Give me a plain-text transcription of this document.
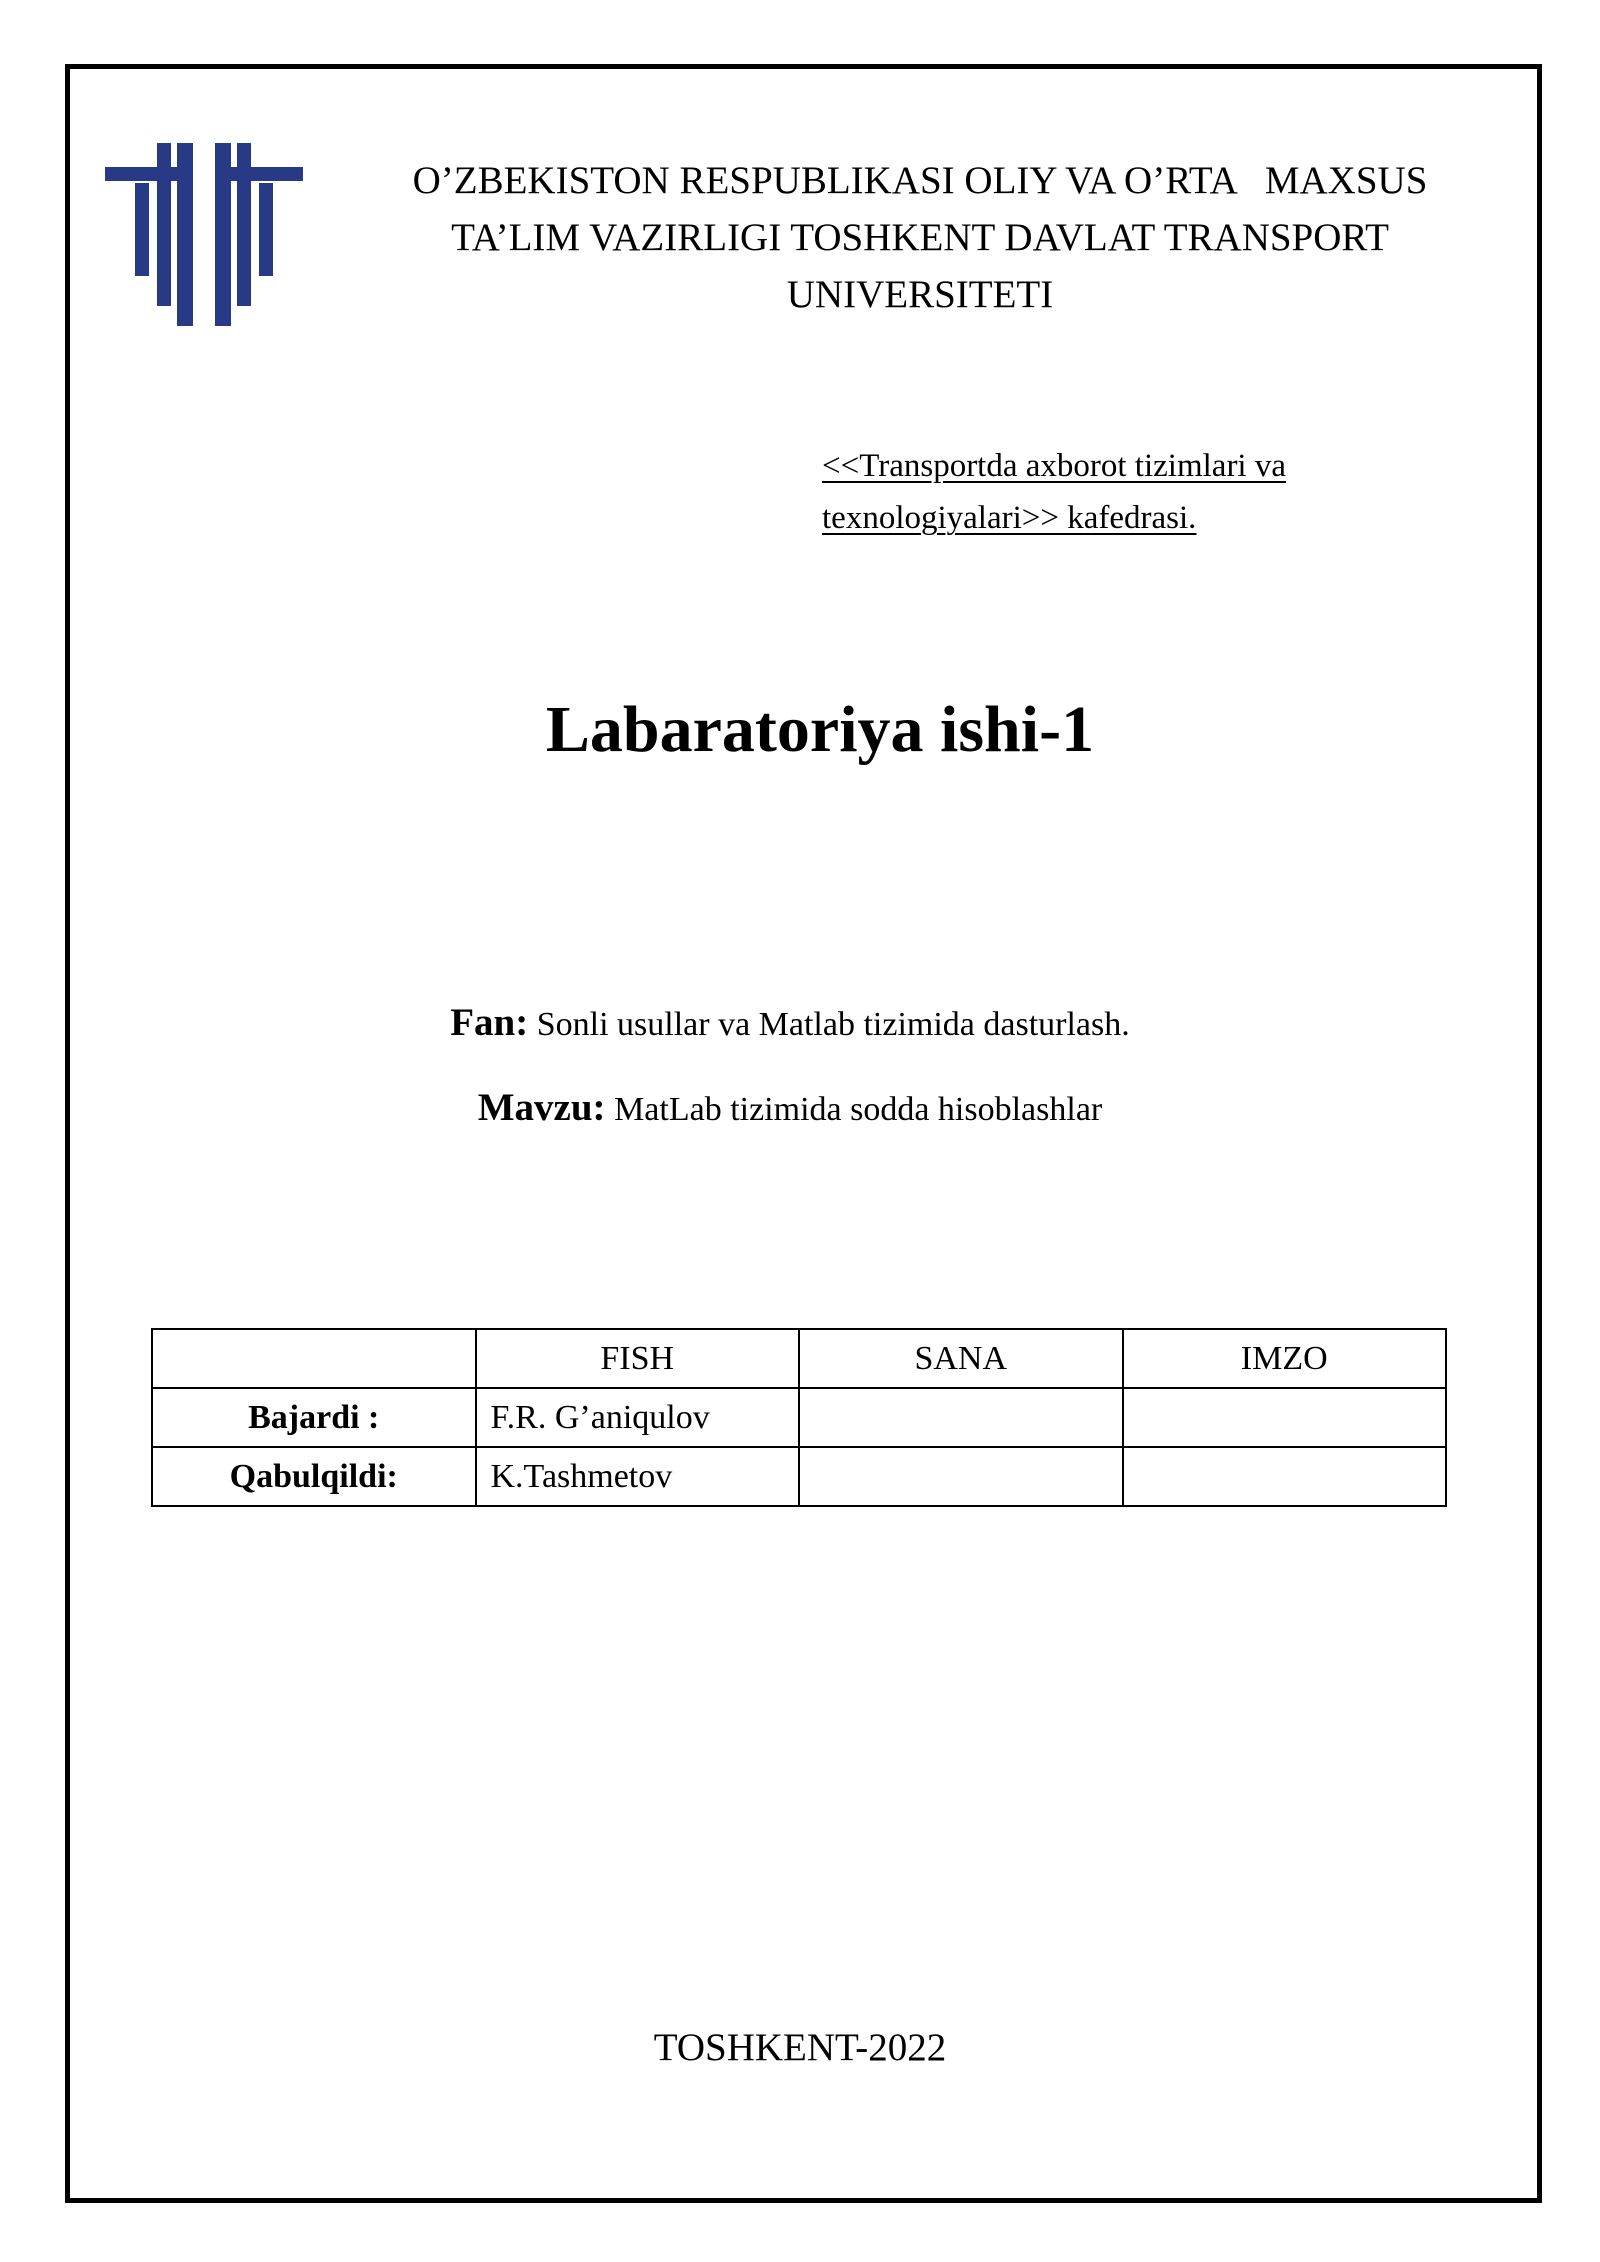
O’ZBEKISTON RESPUBLIKASI OLIY VA O’RTA   MAXSUS
TA’LIM VAZIRLIGI TOSHKENT DAVLAT TRANSPORT
UNIVERSITETI
<<Transportda axborot tizimlari va
texnologiyalari>> kafedrasi.
Labaratoriya ishi-1
Fan: Sonli usullar va Matlab tizimida dasturlash.
Mavzu: MatLab tizimida sodda hisoblashlar
	FISH	SANA	IMZO
Bajardi :	F.R. G’aniqulov		
Qabulqildi:	K.Tashmetov		
TOSHKENT-2022
